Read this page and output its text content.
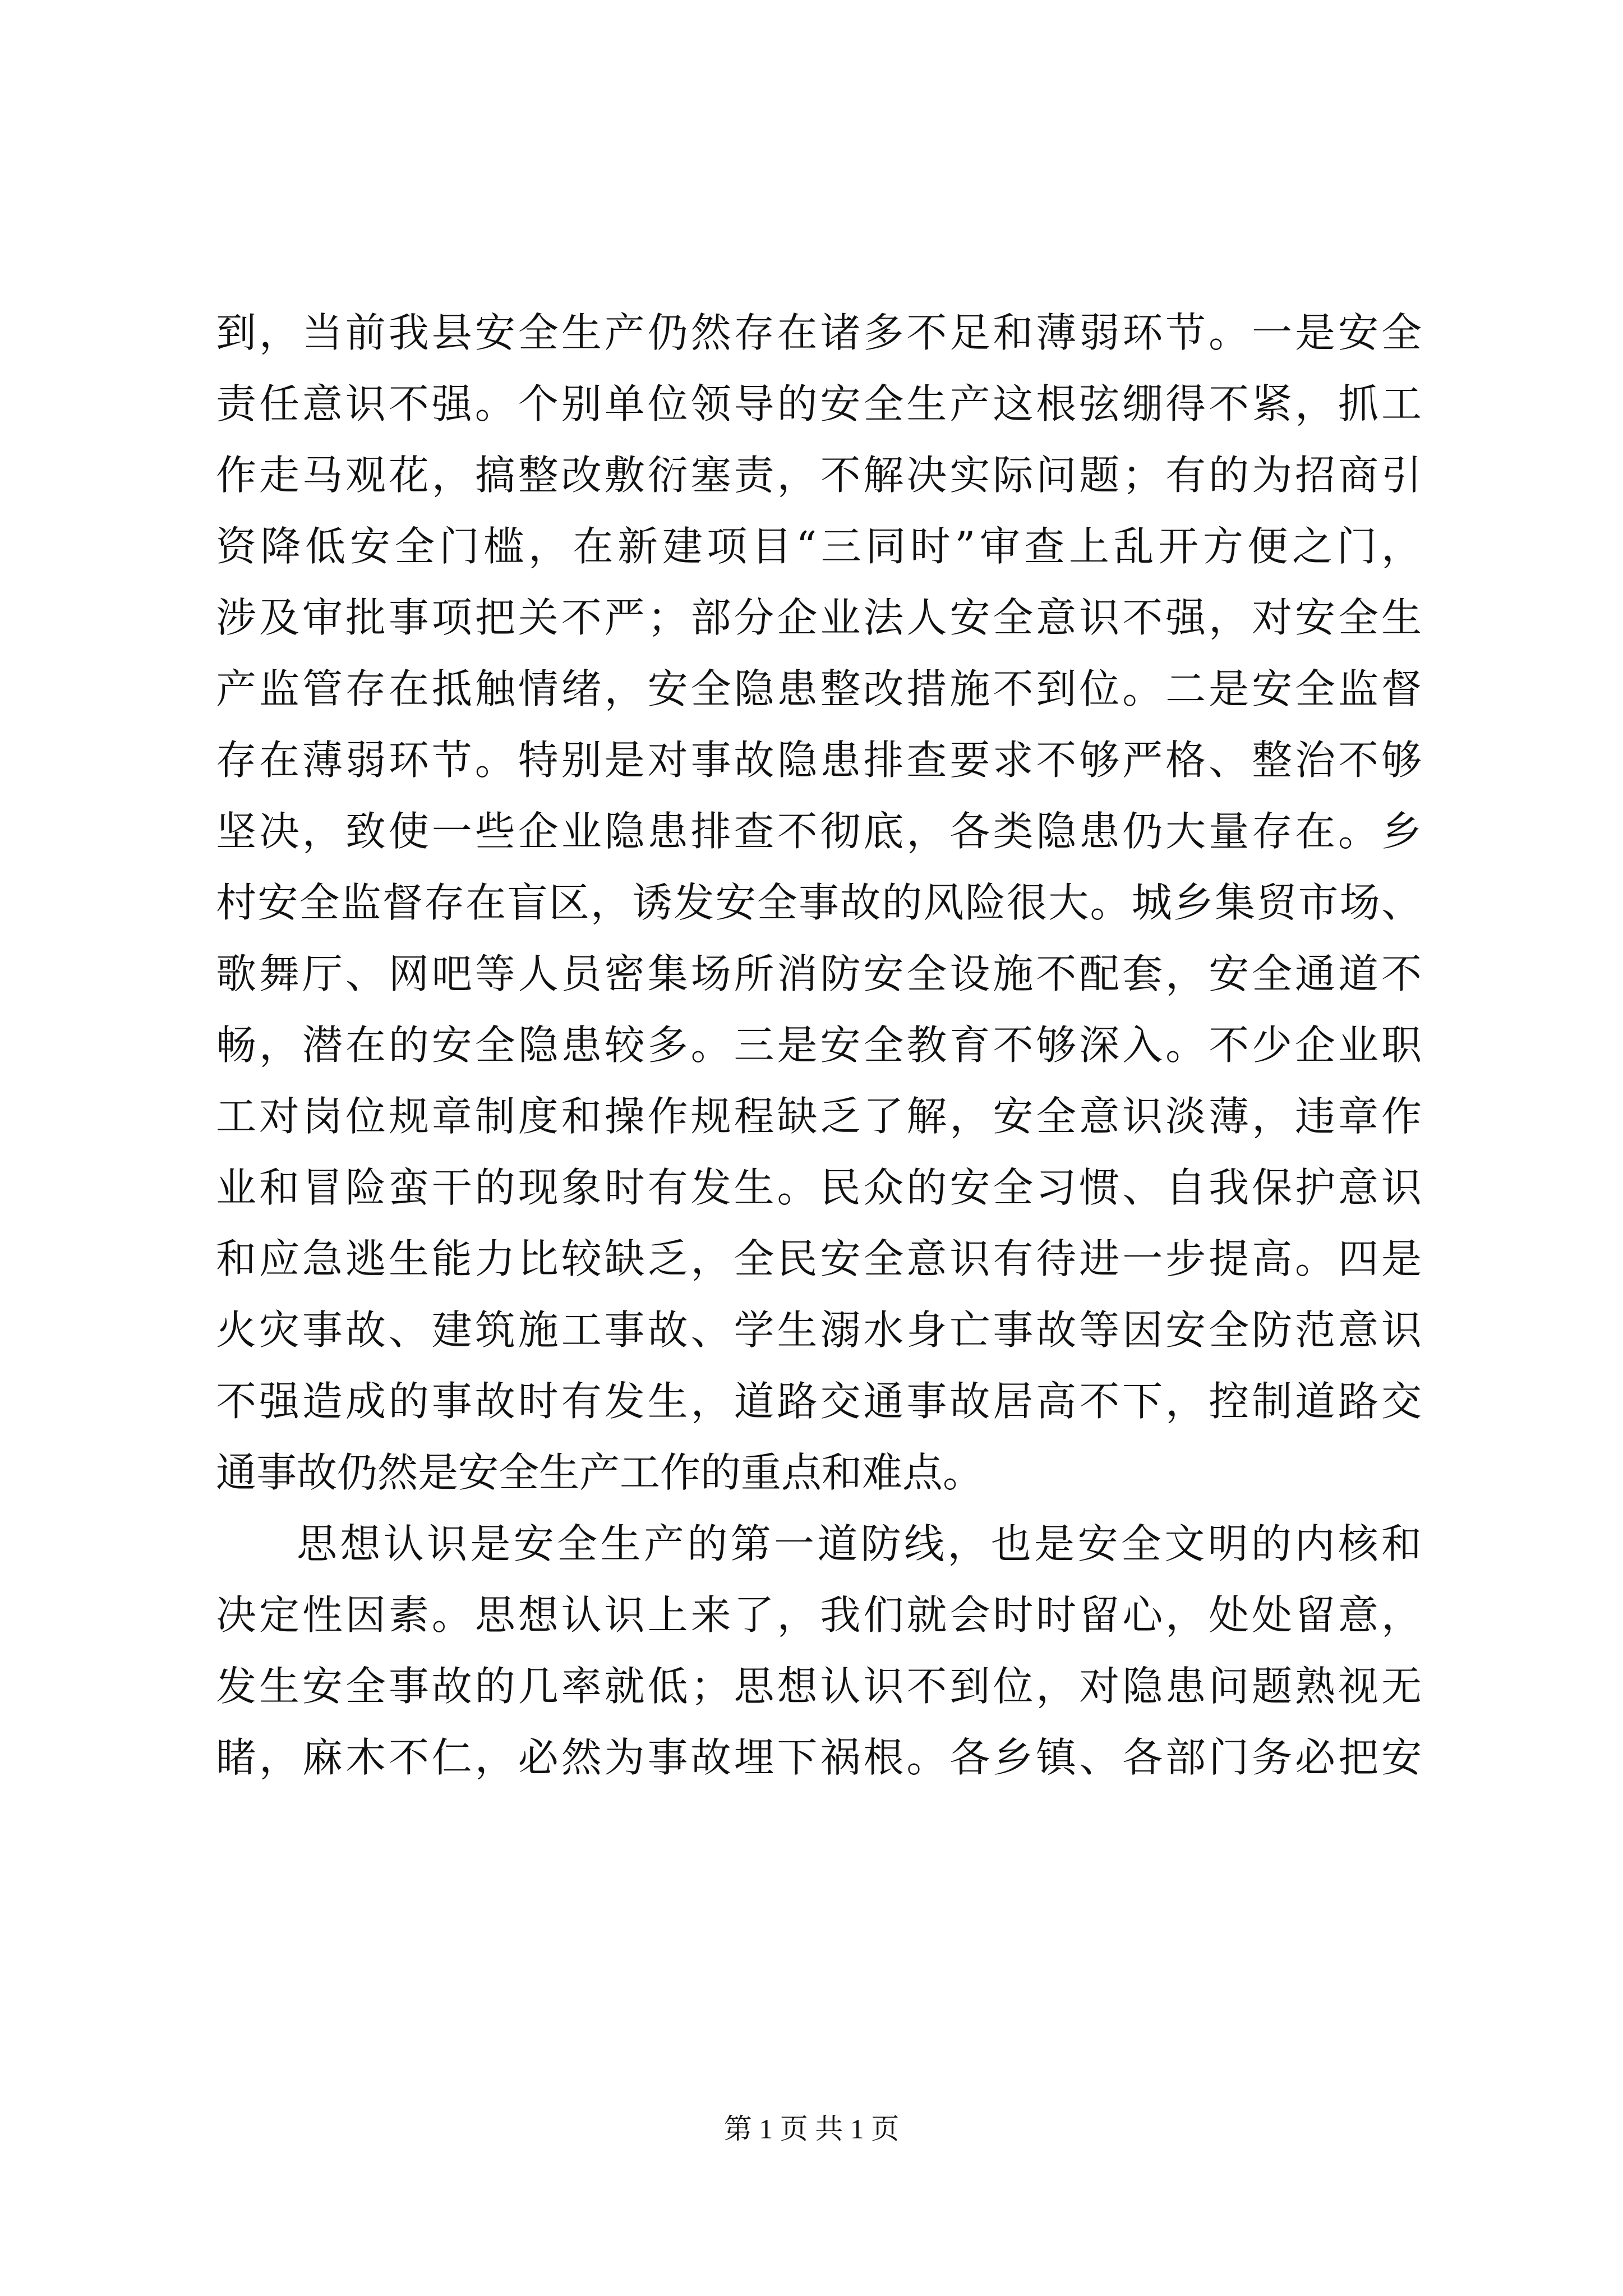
到，当前我县安全生产仍然存在诸多不足和薄弱环节。一是安全
责任意识不强。个别单位领导的安全生产这根弦绷得不紧，抓工
作走马观花，搞整改敷衍塞责，不解决实际问题；有的为招商引
资降低安全门槛，在新建项目“三同时”审查上乱开方便之门，
涉及审批事项把关不严；部分企业法人安全意识不强，对安全生
产监管存在抵触情绪，安全隐患整改措施不到位。二是安全监督
存在薄弱环节。特别是对事故隐患排查要求不够严格、整治不够
坚决，致使一些企业隐患排查不彻底，各类隐患仍大量存在。乡
村安全监督存在盲区，诱发安全事故的风险很大。城乡集贸市场、
歌舞厅、网吧等人员密集场所消防安全设施不配套，安全通道不
畅，潜在的安全隐患较多。三是安全教育不够深入。不少企业职
工对岗位规章制度和操作规程缺乏了解，安全意识淡薄，违章作
业和冒险蛮干的现象时有发生。民众的安全习惯、自我保护意识
和应急逃生能力比较缺乏，全民安全意识有待进一步提高。四是
火灾事故、建筑施工事故、学生溺水身亡事故等因安全防范意识
不强造成的事故时有发生，道路交通事故居高不下，控制道路交
通事故仍然是安全生产工作的重点和难点。
思想认识是安全生产的第一道防线，也是安全文明的内核和
决定性因素。思想认识上来了，我们就会时时留心，处处留意，
发生安全事故的几率就低；思想认识不到位，对隐患问题熟视无
睹，麻木不仁，必然为事故埋下祸根。各乡镇、各部门务必把安
第 1 页 共 1 页
